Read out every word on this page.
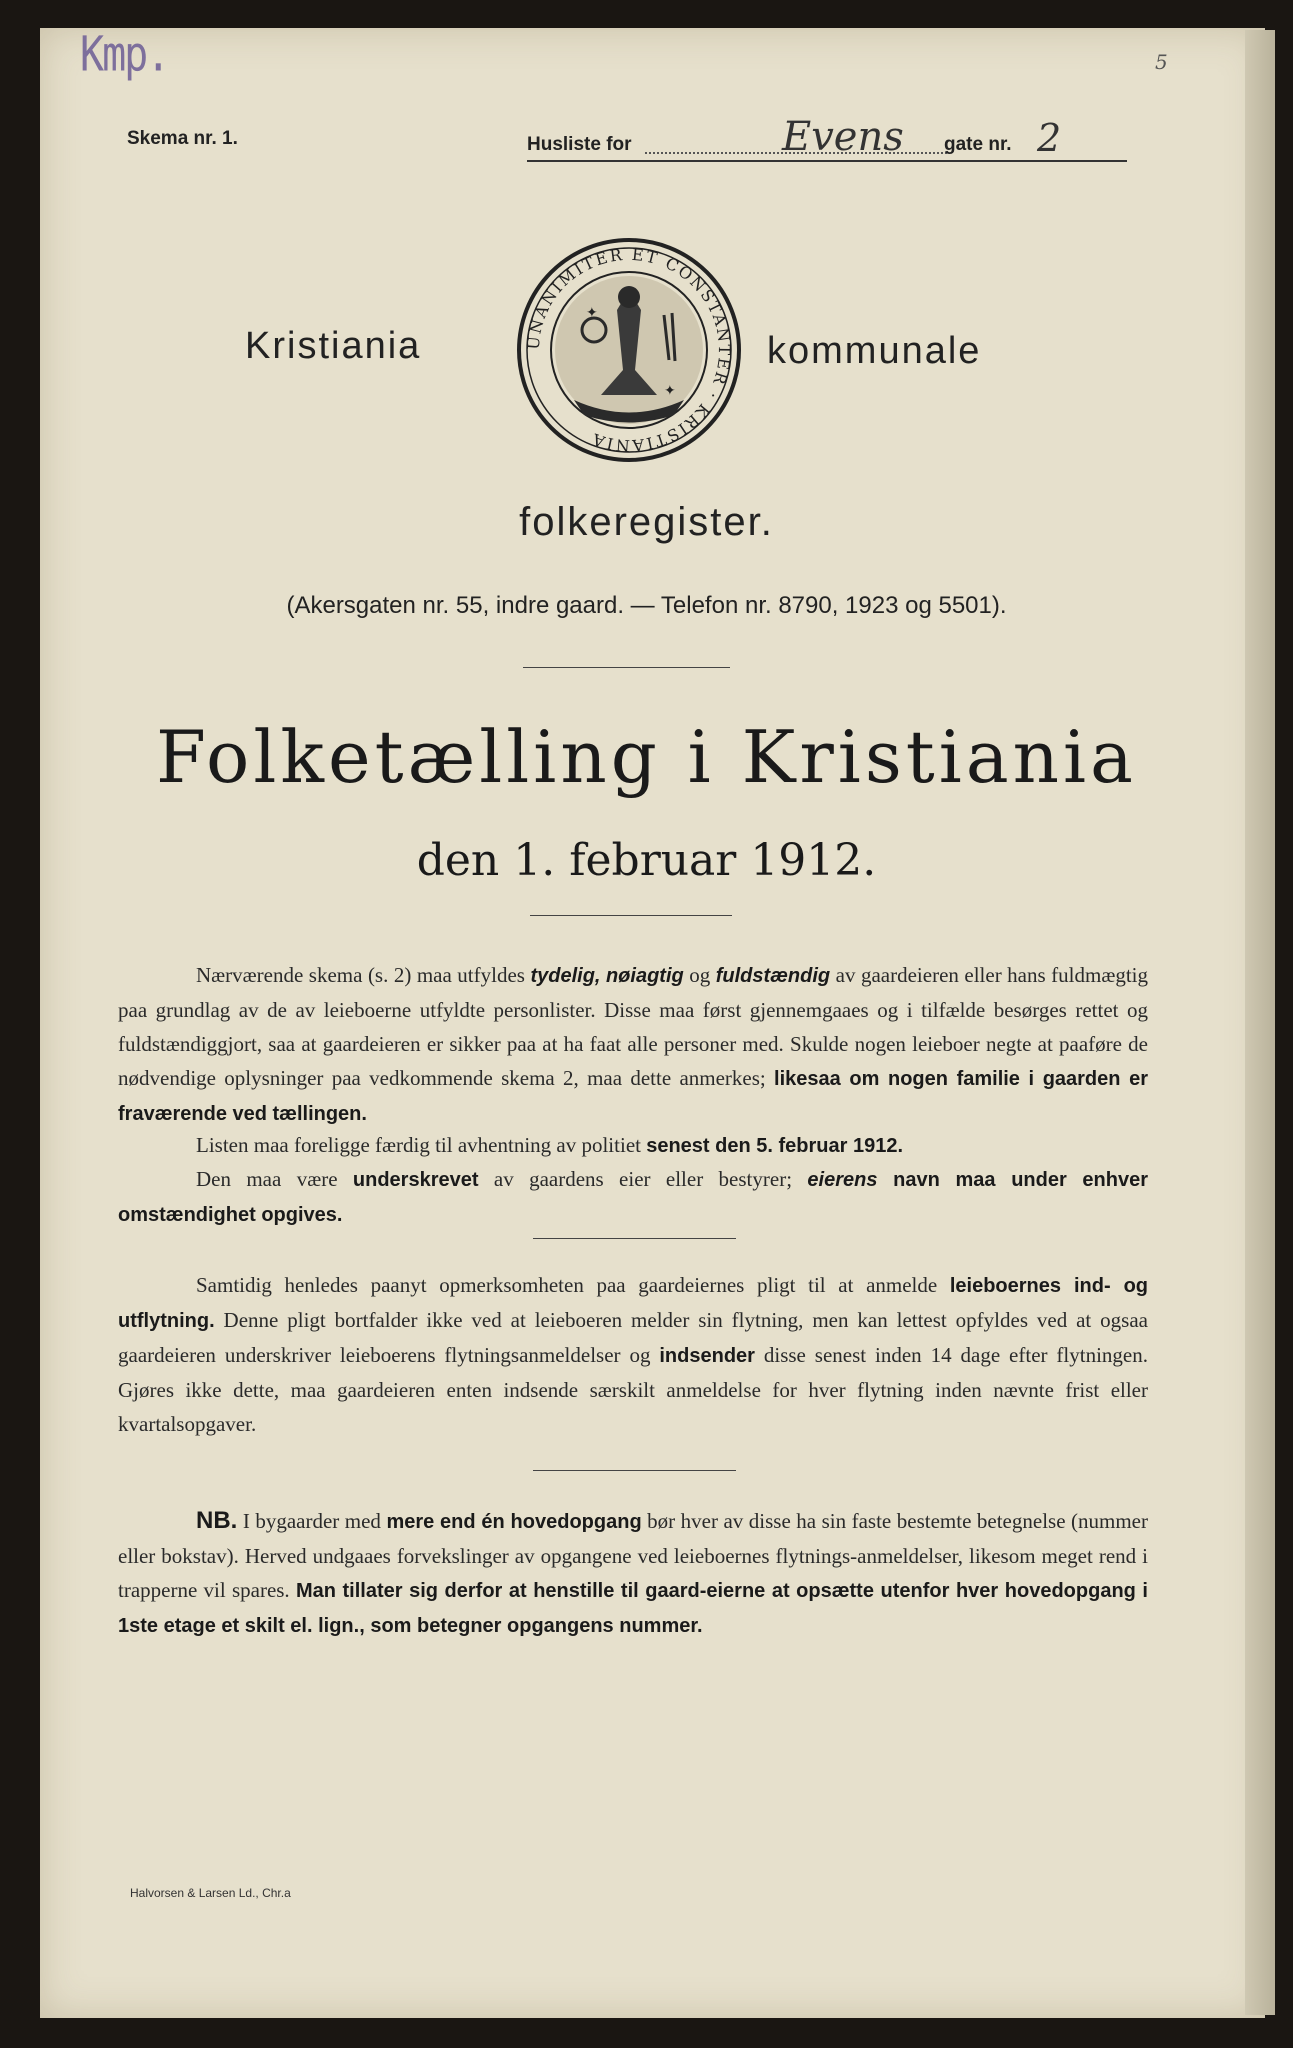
Kmp.	5
Skema nr. 1.	Husliste for	Evens gate nr. 2
Kristiania	UNANIMITER ET CONSTANTER · KRISTIANIA
✦
✦
kommunale
folkeregister.
(Akersgaten nr. 55, indre gaard. — Telefon nr. 8790, 1923 og 5501).
Folketælling i Kristiania
den 1. februar 1912.

Nærværende skema (s. 2) maa utfyldes tydelig, nøiagtig og fuldstændig av gaardeieren eller hans fuldmægtig paa grundlag av de av leieboerne utfyldte personlister. Disse maa først gjennemgaaes og i tilfælde besørges rettet og fuldstændiggjort, saa at gaardeieren er sikker paa at ha faat alle personer med. Skulde nogen leieboer negte at paaføre de nødvendige oplysninger paa vedkommende skema 2, maa dette anmerkes; likesaa om nogen familie i gaarden er fraværende ved tællingen.

Listen maa foreligge færdig til avhentning av politiet senest den 5. februar 1912.

Den maa være underskrevet av gaardens eier eller bestyrer; eierens navn maa under enhver omstændighet opgives.

Samtidig henledes paanyt opmerksomheten paa gaardeiernes pligt til at anmelde leieboernes ind- og utflytning. Denne pligt bortfalder ikke ved at leieboeren melder sin flytning, men kan lettest opfyldes ved at ogsaa gaardeieren underskriver leieboerens flytningsanmeldelser og indsender disse senest inden 14 dage efter flytningen. Gjøres ikke dette, maa gaardeieren enten indsende særskilt anmeldelse for hver flytning inden nævnte frist eller kvartalsopgaver.

NB. I bygaarder med mere end én hovedopgang bør hver av disse ha sin faste bestemte betegnelse (nummer eller bokstav). Herved undgaaes forvekslinger av opgangene ved leieboernes flytnings-anmeldelser, likesom meget rend i trapperne vil spares. Man tillater sig derfor at henstille til gaard-eierne at opsætte utenfor hver hovedopgang i 1ste etage et skilt el. lign., som betegner opgangens nummer.

Halvorsen & Larsen Ld., Chr.a
